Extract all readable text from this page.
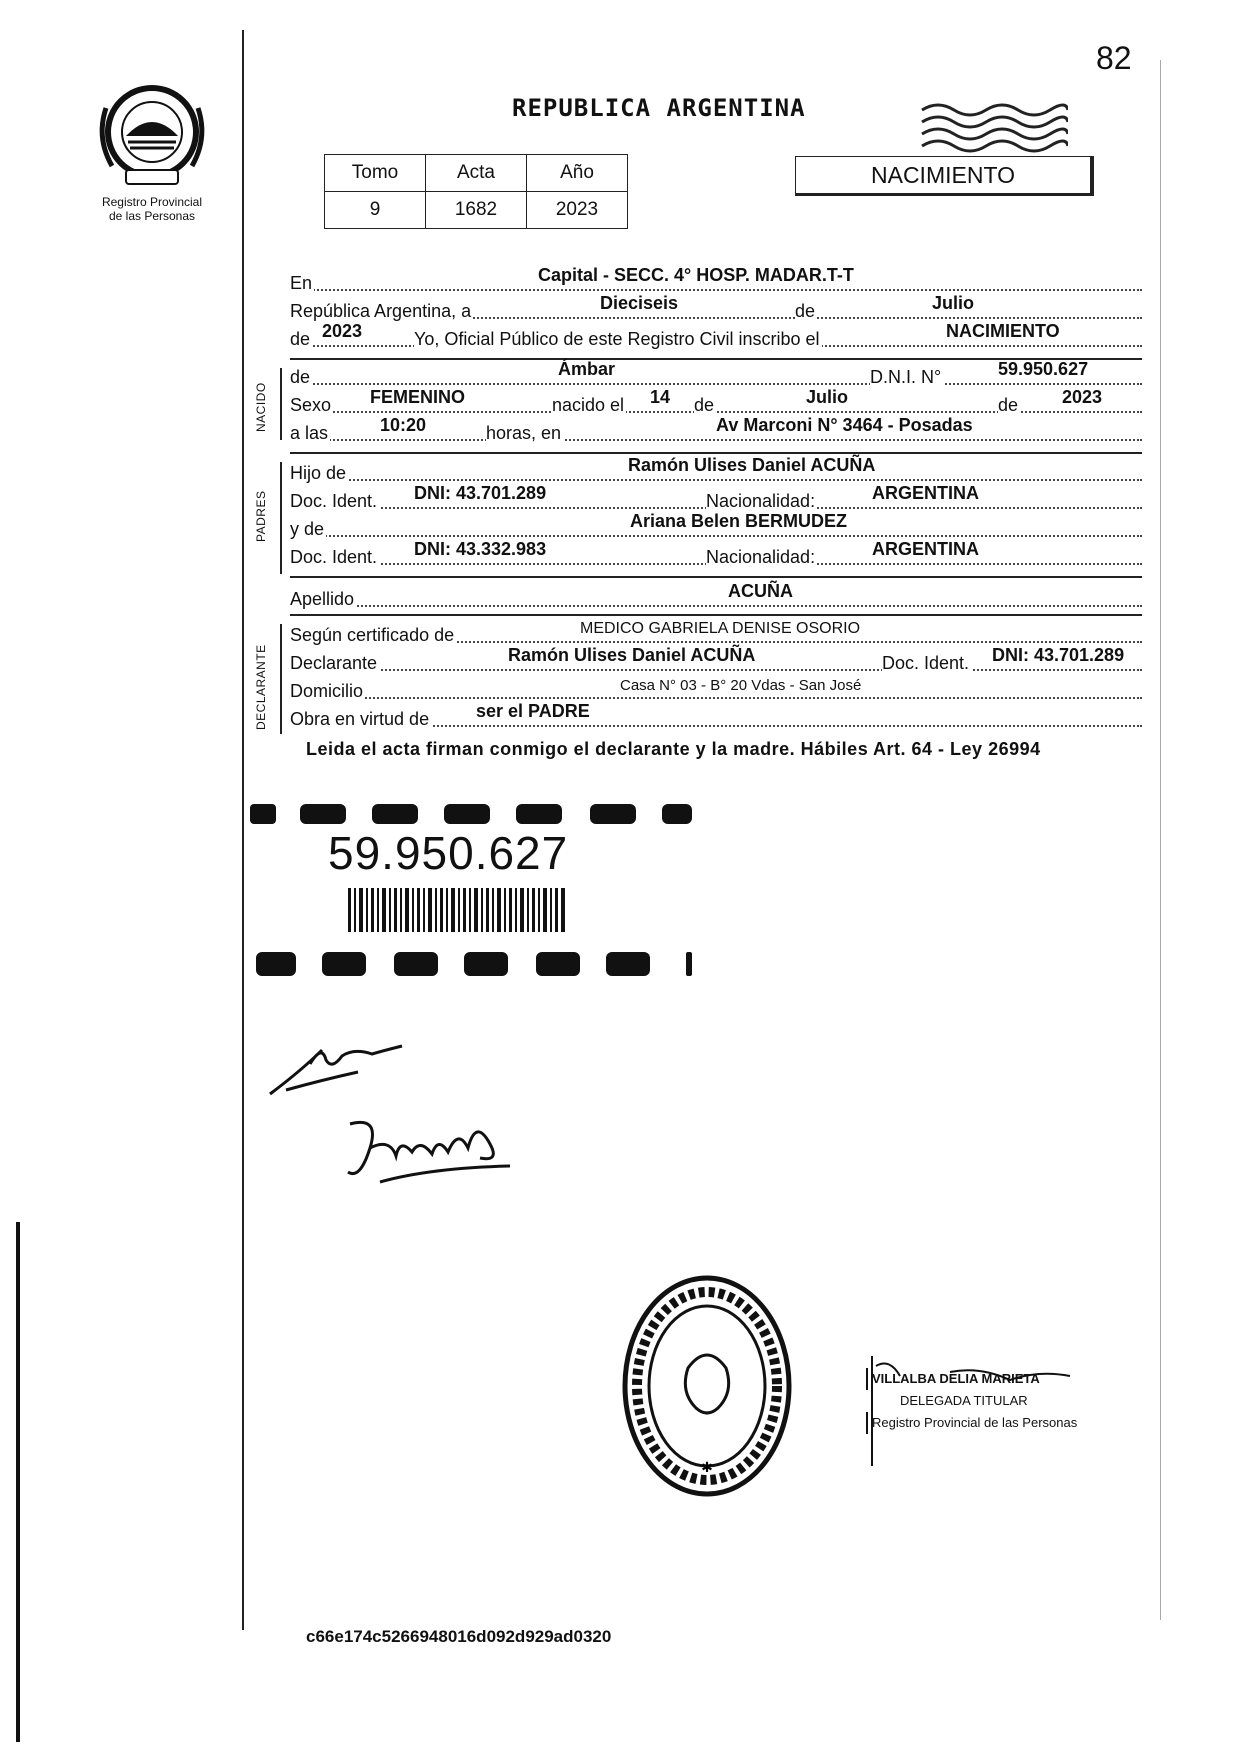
82
Registro Provincial
de las Personas
REPUBLICA ARGENTINA
Tomo	Acta	Año
9	1682	2023
NACIMIENTO
En	Capital - SECC. 4° HOSP. MADAR.T-T
República Argentina, a	Dieciseis	de	Julio
de 2023	Yo, Oficial Público de este Registro Civil inscribo el	NACIMIENTO
NACIDO
de	Ámbar	D.N.I. N°	59.950.627
Sexo FEMENINO	nacido el 14 de	Julio	de 2023
a las	10:20	horas, en	Av Marconi N° 3464 - Posadas
PADRES
Hijo de	Ramón Ulises Daniel ACUÑA
Doc. Ident. DNI: 43.701.289	Nacionalidad:	ARGENTINA
y de	Ariana Belen BERMUDEZ
Doc. Ident. DNI: 43.332.983	Nacionalidad:	ARGENTINA
Apellido	ACUÑA
DECLARANTE
Según certificado de	MEDICO GABRIELA DENISE OSORIO
Declarante	Ramón Ulises Daniel ACUÑA	Doc. Ident. DNI: 43.701.289
Domicilio	Casa N° 03 - B° 20 Vdas - San José
Obra en virtud de	ser el PADRE
Leida el acta firman conmigo el declarante y la madre. Hábiles Art. 64 - Ley 26994
59.950.627
✱
VILLALBA DELIA MARIETA
DELEGADA TITULAR
Registro Provincial de las Personas
c66e174c5266948016d092d929ad0320
